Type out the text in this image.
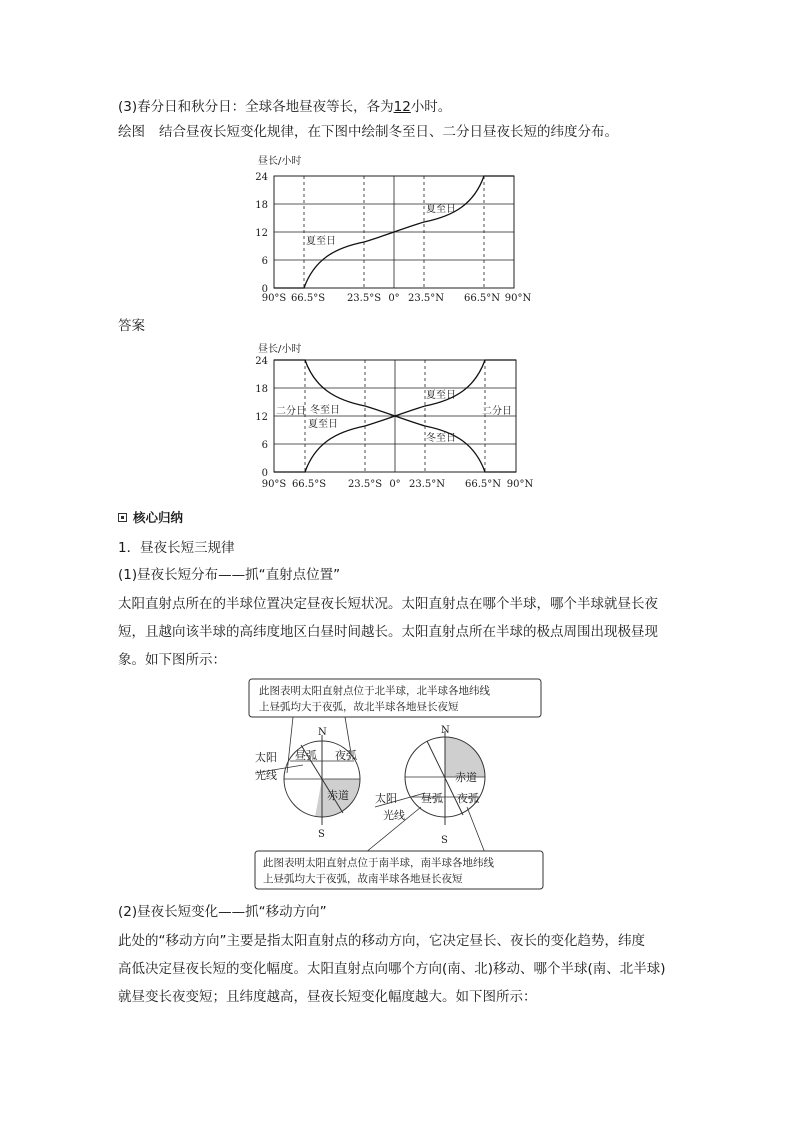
(3)春分日和秋分日：全球各地昼夜等长，各为12小时。
绘图 结合昼夜长短变化规律，在下图中绘制冬至日、二分日昼夜长短的纬度分布。
昼长/小时
24
18
12
6
0
90°S 66.5°S 23.5°S 0° 23.5°N 66.5°N 90°N
夏至日
夏至日
答案
昼长/小时
24
18
12
6
0
90°S 66.5°S 23.5°S 0° 23.5°N 66.5°N 90°N
夏至日
冬至日
夏至日
冬至日
二分日	二分日
核心归纳
1．昼夜长短三规律
(1)昼夜长短分布——抓“直射点位置”
太阳直射点所在的半球位置决定昼夜长短状况。太阳直射点在哪个半球，哪个半球就昼长夜
短，且越向该半球的高纬度地区白昼时间越长。太阳直射点所在半球的极点周围出现极昼现
象。如下图所示：
此图表明太阳直射点位于北半球，北半球各地纬线
上昼弧均大于夜弧，故北半球各地昼长夜短
N
S
昼弧 夜弧
赤道
太阳
光线
N
S
赤道
昼弧 夜弧
太阳
光线
此图表明太阳直射点位于南半球，南半球各地纬线
上昼弧均大于夜弧，故南半球各地昼长夜短
(2)昼夜长短变化——抓“移动方向”
此处的“移动方向”主要是指太阳直射点的移动方向，它决定昼长、夜长的变化趋势，纬度
高低决定昼夜长短的变化幅度。太阳直射点向哪个方向(南、北)移动、哪个半球(南、北半球)
就昼变长夜变短；且纬度越高，昼夜长短变化幅度越大。如下图所示：
